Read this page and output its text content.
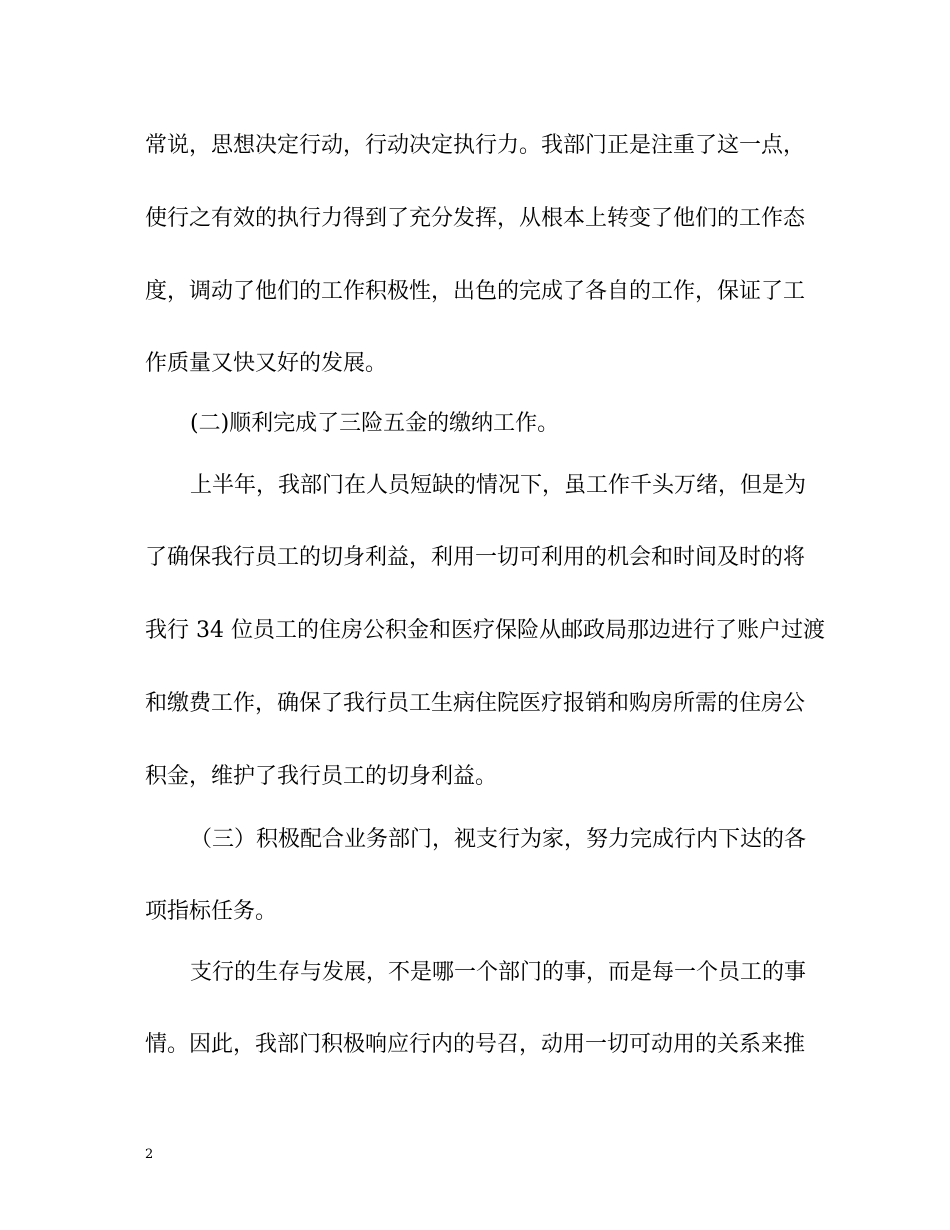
常说，思想决定行动，行动决定执行力。我部门正是注重了这一点，
使行之有效的执行力得到了充分发挥，从根本上转变了他们的工作态
度，调动了他们的工作积极性，出色的完成了各自的工作，保证了工
作质量又快又好的发展。
(二)顺利完成了三险五金的缴纳工作。
上半年，我部门在人员短缺的情况下，虽工作千头万绪，但是为
了确保我行员工的切身利益，利用一切可利用的机会和时间及时的将
我行 34 位员工的住房公积金和医疗保险从邮政局那边进行了账户过渡
和缴费工作，确保了我行员工生病住院医疗报销和购房所需的住房公
积金，维护了我行员工的切身利益。
（三）积极配合业务部门，视支行为家，努力完成行内下达的各
项指标任务。
支行的生存与发展，不是哪一个部门的事，而是每一个员工的事
情。因此，我部门积极响应行内的号召，动用一切可动用的关系来推
2
